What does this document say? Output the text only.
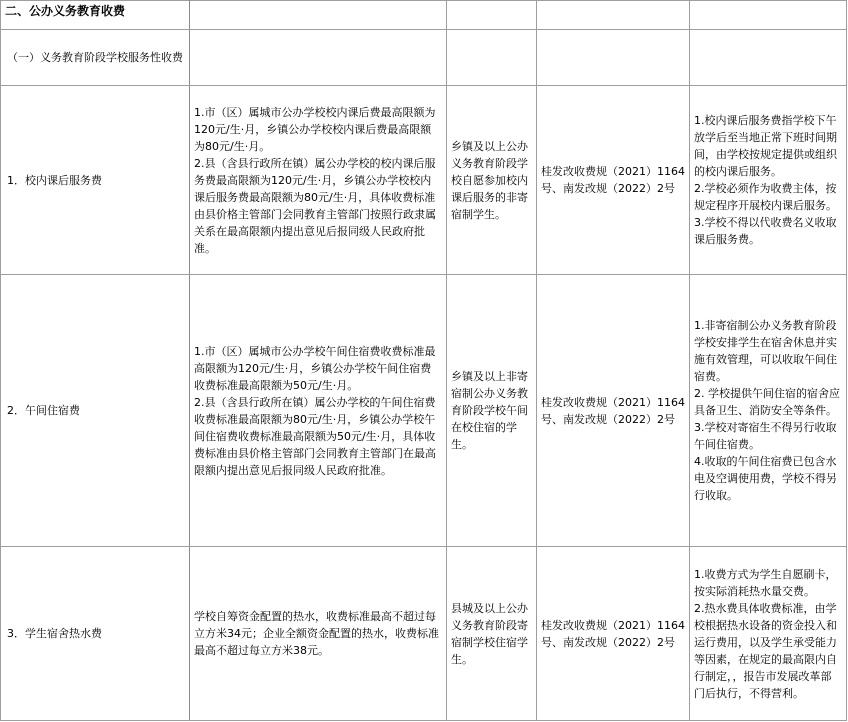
二、公办义务教育收费				
（一）义务教育阶段学校服务性收费				
1．校内课后服务费	1.市（区）属城市公办学校校内课后费最高限额为120元/生·月，乡镇公办学校校内课后费最高限额为80元/生·月。
2.县（含县行政所在镇）属公办学校的校内课后服务费最高限额为120元/生·月，乡镇公办学校校内课后服务费最高限额为80元/生·月，具体收费标准由县价格主管部门会同教育主管部门按照行政隶属关系在最高限额内提出意见后报同级人民政府批准。	乡镇及以上公办义务教育阶段学校自愿参加校内课后服务的非寄宿制学生。	桂发改收费规（2021）1164号、南发改规（2022）2号	1.校内课后服务费指学校下午放学后至当地正常下班时间期间，由学校按规定提供或组织的校内课后服务。
2.学校必须作为收费主体，按规定程序开展校内课后服务。
3.学校不得以代收费名义收取课后服务费。

2．午间住宿费	1.市（区）属城市公办学校午间住宿费收费标准最高限额为120元/生·月，乡镇公办学校午间住宿费收费标准最高限额为50元/生·月。
2.县（含县行政所在镇）属公办学校的午间住宿费收费标准最高限额为80元/生·月，乡镇公办学校午间住宿费收费标准最高限额为50元/生·月，具体收费标准由县价格主管部门会同教育主管部门在最高限额内提出意见后报同级人民政府批准。	乡镇及以上非寄宿制公办义务教育阶段学校午间在校住宿的学生。	桂发改收费规（2021）1164号、南发改规（2022）2号	1.非寄宿制公办义务教育阶段学校安排学生在宿舍休息并实施有效管理，可以收取午间住宿费。
2. 学校提供午间住宿的宿舍应具备卫生、消防安全等条件。
3.学校对寄宿生不得另行收取午间住宿费。
4.收取的午间住宿费已包含水电及空调使用费，学校不得另行收取。

3．学生宿舍热水费	学校自筹资金配置的热水，收费标准最高不超过每立方米34元；企业全额资金配置的热水，收费标准最高不超过每立方米38元。	县城及以上公办义务教育阶段寄宿制学校住宿学生。	桂发改收费规（2021）1164号、南发改规（2022）2号	1.收费方式为学生自愿刷卡，按实际消耗热水量交费。
2.热水费具体收费标准，由学校根据热水设备的资金投入和运行费用，以及学生承受能力等因素，在规定的最高限内自行制定，，报告市发展改革部门后执行，不得营利。
